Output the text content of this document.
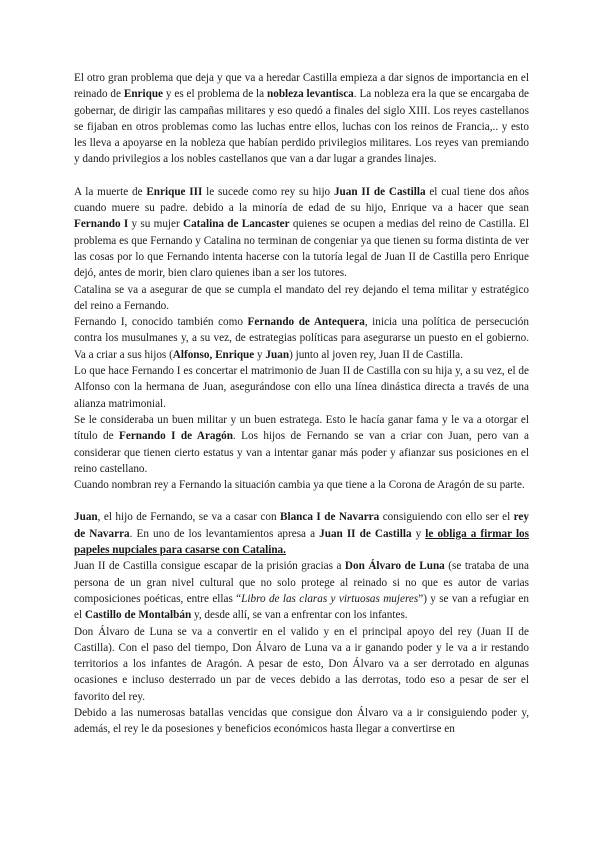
El otro gran problema que deja y que va a heredar Castilla empieza a dar signos de importancia en el reinado de Enrique y es el problema de la nobleza levantisca. La nobleza era la que se encargaba de gobernar, de dirigir las campañas militares y eso quedó a finales del siglo XIII. Los reyes castellanos se fijaban en otros problemas como las luchas entre ellos, luchas con los reinos de Francia,.. y esto les lleva a apoyarse en la nobleza que habían perdido privilegios militares. Los reyes van premiando y dando privilegios a los nobles castellanos que van a dar lugar a grandes linajes.

A la muerte de Enrique III le sucede como rey su hijo Juan II de Castilla el cual tiene dos años cuando muere su padre. debido a la minoría de edad de su hijo, Enrique va a hacer que sean Fernando I y su mujer Catalina de Lancaster quienes se ocupen a medias del reino de Castilla. El problema es que Fernando y Catalina no terminan de congeniar ya que tienen su forma distinta de ver las cosas por lo que Fernando intenta hacerse con la tutoría legal de Juan II de Castilla pero Enrique dejó, antes de morir, bien claro quienes iban a ser los tutores.

Catalina se va a asegurar de que se cumpla el mandato del rey dejando el tema militar y estratégico del reino a Fernando.

Fernando I, conocido también como Fernando de Antequera, inicia una política de persecución contra los musulmanes y, a su vez, de estrategias políticas para asegurarse un puesto en el gobierno. Va a criar a sus hijos (Alfonso, Enrique y Juan) junto al joven rey, Juan II de Castilla.

Lo que hace Fernando I es concertar el matrimonio de Juan II de Castilla con su hija y, a su vez, el de Alfonso con la hermana de Juan, asegurándose con ello una línea dinástica directa a través de una alianza matrimonial.

Se le consideraba un buen militar y un buen estratega. Esto le hacía ganar fama y le va a otorgar el título de Fernando I de Aragón. Los hijos de Fernando se van a criar con Juan, pero van a considerar que tienen cierto estatus y van a intentar ganar más poder y afianzar sus posiciones en el reino castellano.

Cuando nombran rey a Fernando la situación cambia ya que tiene a la Corona de Aragón de su parte.

Juan, el hijo de Fernando, se va a casar con Blanca I de Navarra consiguiendo con ello ser el rey de Navarra. En uno de los levantamientos apresa a Juan II de Castilla y le obliga a firmar los papeles nupciales para casarse con Catalina.

Juan II de Castilla consigue escapar de la prisión gracias a Don Álvaro de Luna (se trataba de una persona de un gran nivel cultural que no solo protege al reinado si no que es autor de varias composiciones poéticas, entre ellas “Libro de las claras y virtuosas mujeres”) y se van a refugiar en el Castillo de Montalbán y, desde allí, se van a enfrentar con los infantes.

Don Álvaro de Luna se va a convertir en el valido y en el principal apoyo del rey (Juan II de Castilla). Con el paso del tiempo, Don Álvaro de Luna va a ir ganando poder y le va a ir restando territorios a los infantes de Aragón. A pesar de esto, Don Álvaro va a ser derrotado en algunas ocasiones e incluso desterrado un par de veces debido a las derrotas, todo eso a pesar de ser el favorito del rey.

Debido a las numerosas batallas vencidas que consigue don Álvaro va a ir consiguiendo poder y, además, el rey le da posesiones y beneficios económicos hasta llegar a convertirse en
